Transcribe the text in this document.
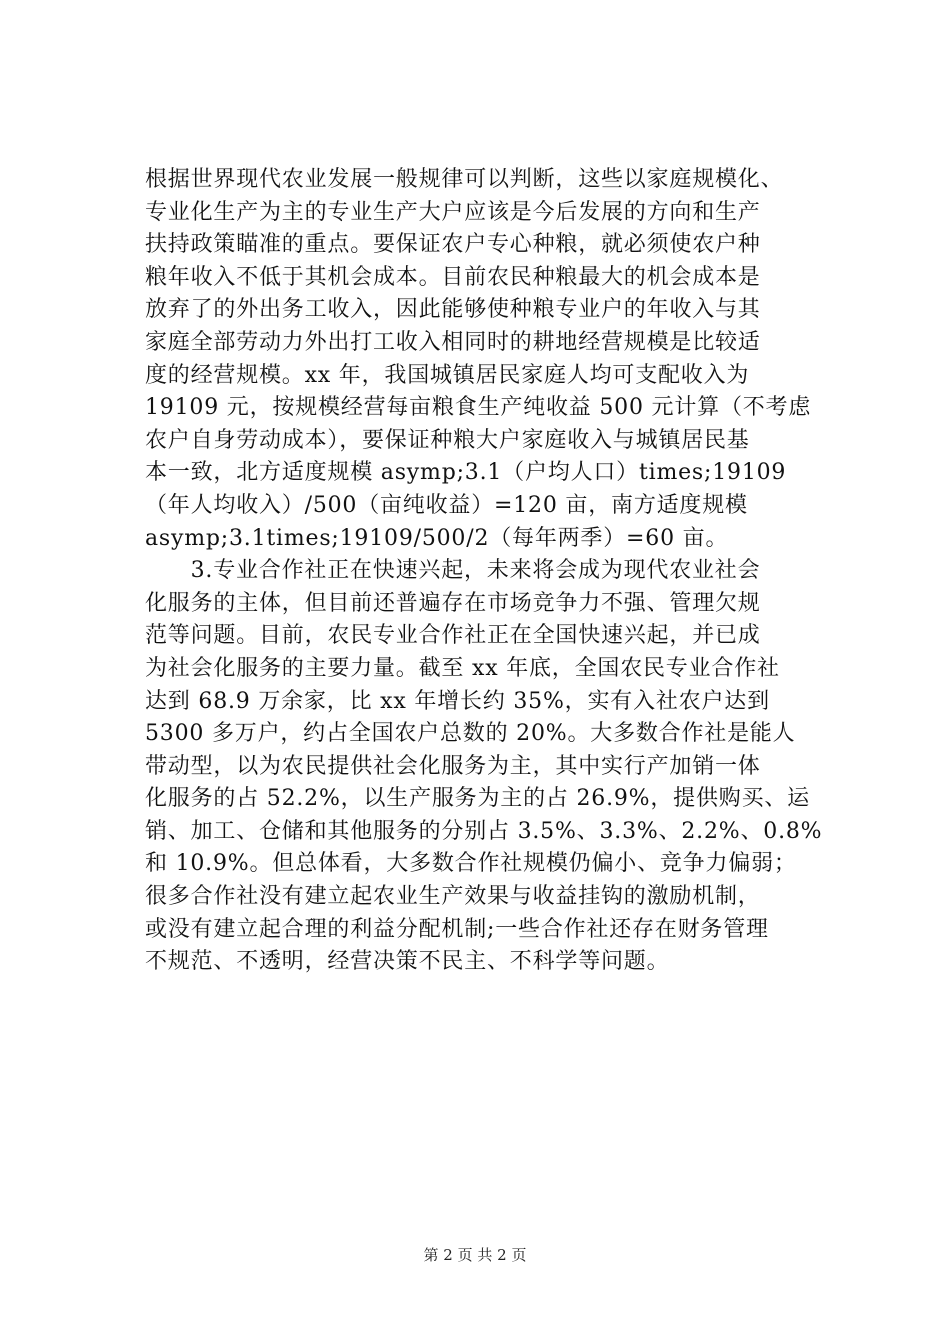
根据世界现代农业发展一般规律可以判断，这些以家庭规模化、
专业化生产为主的专业生产大户应该是今后发展的方向和生产
扶持政策瞄准的重点。要保证农户专心种粮，就必须使农户种
粮年收入不低于其机会成本。目前农民种粮最大的机会成本是
放弃了的外出务工收入，因此能够使种粮专业户的年收入与其
家庭全部劳动力外出打工收入相同时的耕地经营规模是比较适
度的经营规模。xx 年，我国城镇居民家庭人均可支配收入为
19109 元，按规模经营每亩粮食生产纯收益 500 元计算（不考虑
农户自身劳动成本），要保证种粮大户家庭收入与城镇居民基
本一致，北方适度规模 asymp;3.1（户均人口）times;19109
（年人均收入）/500（亩纯收益）=120 亩，南方适度规模
asymp;3.1times;19109/500/2（每年两季）=60 亩。
　　3.专业合作社正在快速兴起，未来将会成为现代农业社会
化服务的主体，但目前还普遍存在市场竞争力不强、管理欠规
范等问题。目前，农民专业合作社正在全国快速兴起，并已成
为社会化服务的主要力量。截至 xx 年底，全国农民专业合作社
达到 68.9 万余家，比 xx 年增长约 35%，实有入社农户达到
5300 多万户，约占全国农户总数的 20%。大多数合作社是能人
带动型，以为农民提供社会化服务为主，其中实行产加销一体
化服务的占 52.2%，以生产服务为主的占 26.9%，提供购买、运
销、加工、仓储和其他服务的分别占 3.5%、3.3%、2.2%、0.8%
和 10.9%。但总体看，大多数合作社规模仍偏小、竞争力偏弱；
很多合作社没有建立起农业生产效果与收益挂钩的激励机制，
或没有建立起合理的利益分配机制;一些合作社还存在财务管理
不规范、不透明，经营决策不民主、不科学等问题。
第 2 页 共 2 页
